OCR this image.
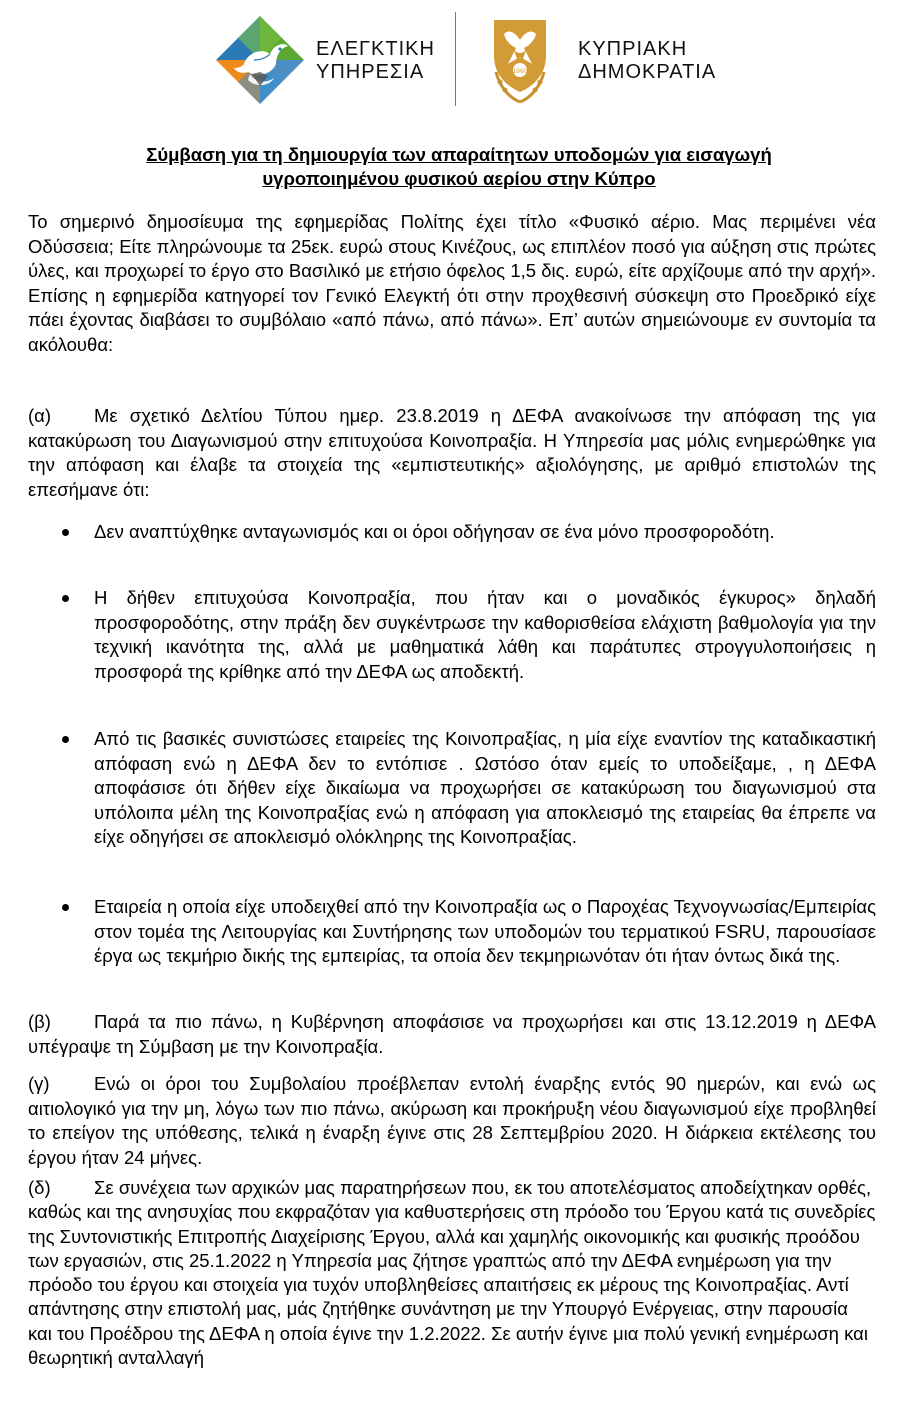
ΕΛΕΓΚΤΙΚΗ
ΥΠΗΡΕΣΙΑ	1960
ΚΥΠΡΙΑΚΗ
ΔΗΜΟΚΡΑΤΙΑ
Σύμβαση για τη δημιουργία των απαραίτητων υποδομών για εισαγωγή
υγροποιημένου φυσικού αερίου στην Κύπρο

Το σημερινό δημοσίευμα της εφημερίδας Πολίτης έχει τίτλο «Φυσικό αέριο. Μας περιμένει νέα Οδύσσεια; Είτε πληρώνουμε τα 25εκ. ευρώ στους Κινέζους, ως επιπλέον ποσό για αύξηση στις πρώτες ύλες, και προχωρεί το έργο στο Βασιλικό με ετήσιο όφελος 1,5 δις. ευρώ, είτε αρχίζουμε από την αρχή». Επίσης η εφημερίδα κατηγορεί τον Γενικό Ελεγκτή ότι στην προχθεσινή σύσκεψη στο Προεδρικό είχε πάει έχοντας διαβάσει το συμβόλαιο «από πάνω, από πάνω». Επ’ αυτών σημειώνουμε εν συντομία τα ακόλουθα:

(α) Με σχετικό Δελτίου Τύπου ημερ. 23.8.2019 η ΔΕΦΑ ανακοίνωσε την απόφαση της για κατακύρωση του Διαγωνισμού στην επιτυχούσα Κοινοπραξία. Η Υπηρεσία μας μόλις ενημερώθηκε για την απόφαση και έλαβε τα στοιχεία της «εμπιστευτικής» αξιολόγησης, με αριθμό επιστολών της επεσήμανε ότι:

Δεν αναπτύχθηκε ανταγωνισμός και οι όροι οδήγησαν σε ένα μόνο προσφοροδότη.
Η δήθεν επιτυχούσα Κοινοπραξία, που ήταν και ο μοναδικός έγκυρος» δηλαδή προσφοροδότης, στην πράξη δεν συγκέντρωσε την καθορισθείσα ελάχιστη βαθμολογία για την τεχνική ικανότητα της, αλλά με μαθηματικά λάθη και παράτυπες στρογγυλοποιήσεις η προσφορά της κρίθηκε από την ΔΕΦΑ ως αποδεκτή.
Από τις βασικές συνιστώσες εταιρείες της Κοινοπραξίας, η μία είχε εναντίον της καταδικαστική απόφαση ενώ η ΔΕΦΑ δεν το εντόπισε . Ωστόσο όταν εμείς το υποδείξαμε, , η ΔΕΦΑ αποφάσισε ότι δήθεν είχε δικαίωμα να προχωρήσει σε κατακύρωση του διαγωνισμού στα υπόλοιπα μέλη της Κοινοπραξίας ενώ η απόφαση για αποκλεισμό της εταιρείας θα έπρεπε να είχε οδηγήσει σε αποκλεισμό ολόκληρης της Κοινοπραξίας.
Εταιρεία η οποία είχε υποδειχθεί από την Κοινοπραξία ως ο Παροχέας Τεχνογνωσίας/Εμπειρίας στον τομέα της Λειτουργίας και Συντήρησης των υποδομών του τερματικού FSRU, παρουσίασε έργα ως τεκμήριο δικής της εμπειρίας, τα οποία δεν τεκμηριωνόταν ότι ήταν όντως δικά της.

(β) Παρά τα πιο πάνω, η Κυβέρνηση αποφάσισε να προχωρήσει και στις 13.12.2019 η ΔΕΦΑ υπέγραψε τη Σύμβαση με την Κοινοπραξία.

(γ) Ενώ οι όροι του Συμβολαίου προέβλεπαν εντολή έναρξης εντός 90 ημερών, και ενώ ως αιτιολογικό για την μη, λόγω των πιο πάνω, ακύρωση και προκήρυξη νέου διαγωνισμού είχε προβληθεί το επείγον της υπόθεσης, τελικά η έναρξη έγινε στις 28 Σεπτεμβρίου 2020. Η διάρκεια εκτέλεσης του έργου ήταν 24 μήνες.

(δ) Σε συνέχεια των αρχικών μας παρατηρήσεων που, εκ του αποτελέσματος αποδείχτηκαν ορθές, καθώς και της ανησυχίας που εκφραζόταν για καθυστερήσεις στη πρόοδο του Έργου κατά τις συνεδρίες της Συντονιστικής Επιτροπής Διαχείρισης Έργου, αλλά και χαμηλής οικονομικής και φυσικής προόδου των εργασιών, στις 25.1.2022 η Υπηρεσία μας ζήτησε γραπτώς από την ΔΕΦΑ ενημέρωση για την πρόοδο του έργου και στοιχεία για τυχόν υποβληθείσες απαιτήσεις εκ μέρους της Κοινοπραξίας. Αντί απάντησης στην επιστολή μας, μάς ζητήθηκε συνάντηση με την Υπουργό Ενέργειας, στην παρουσία και του Προέδρου της ΔΕΦΑ η οποία έγινε την 1.2.2022. Σε αυτήν έγινε μια πολύ γενική ενημέρωση και θεωρητική ανταλλαγή
